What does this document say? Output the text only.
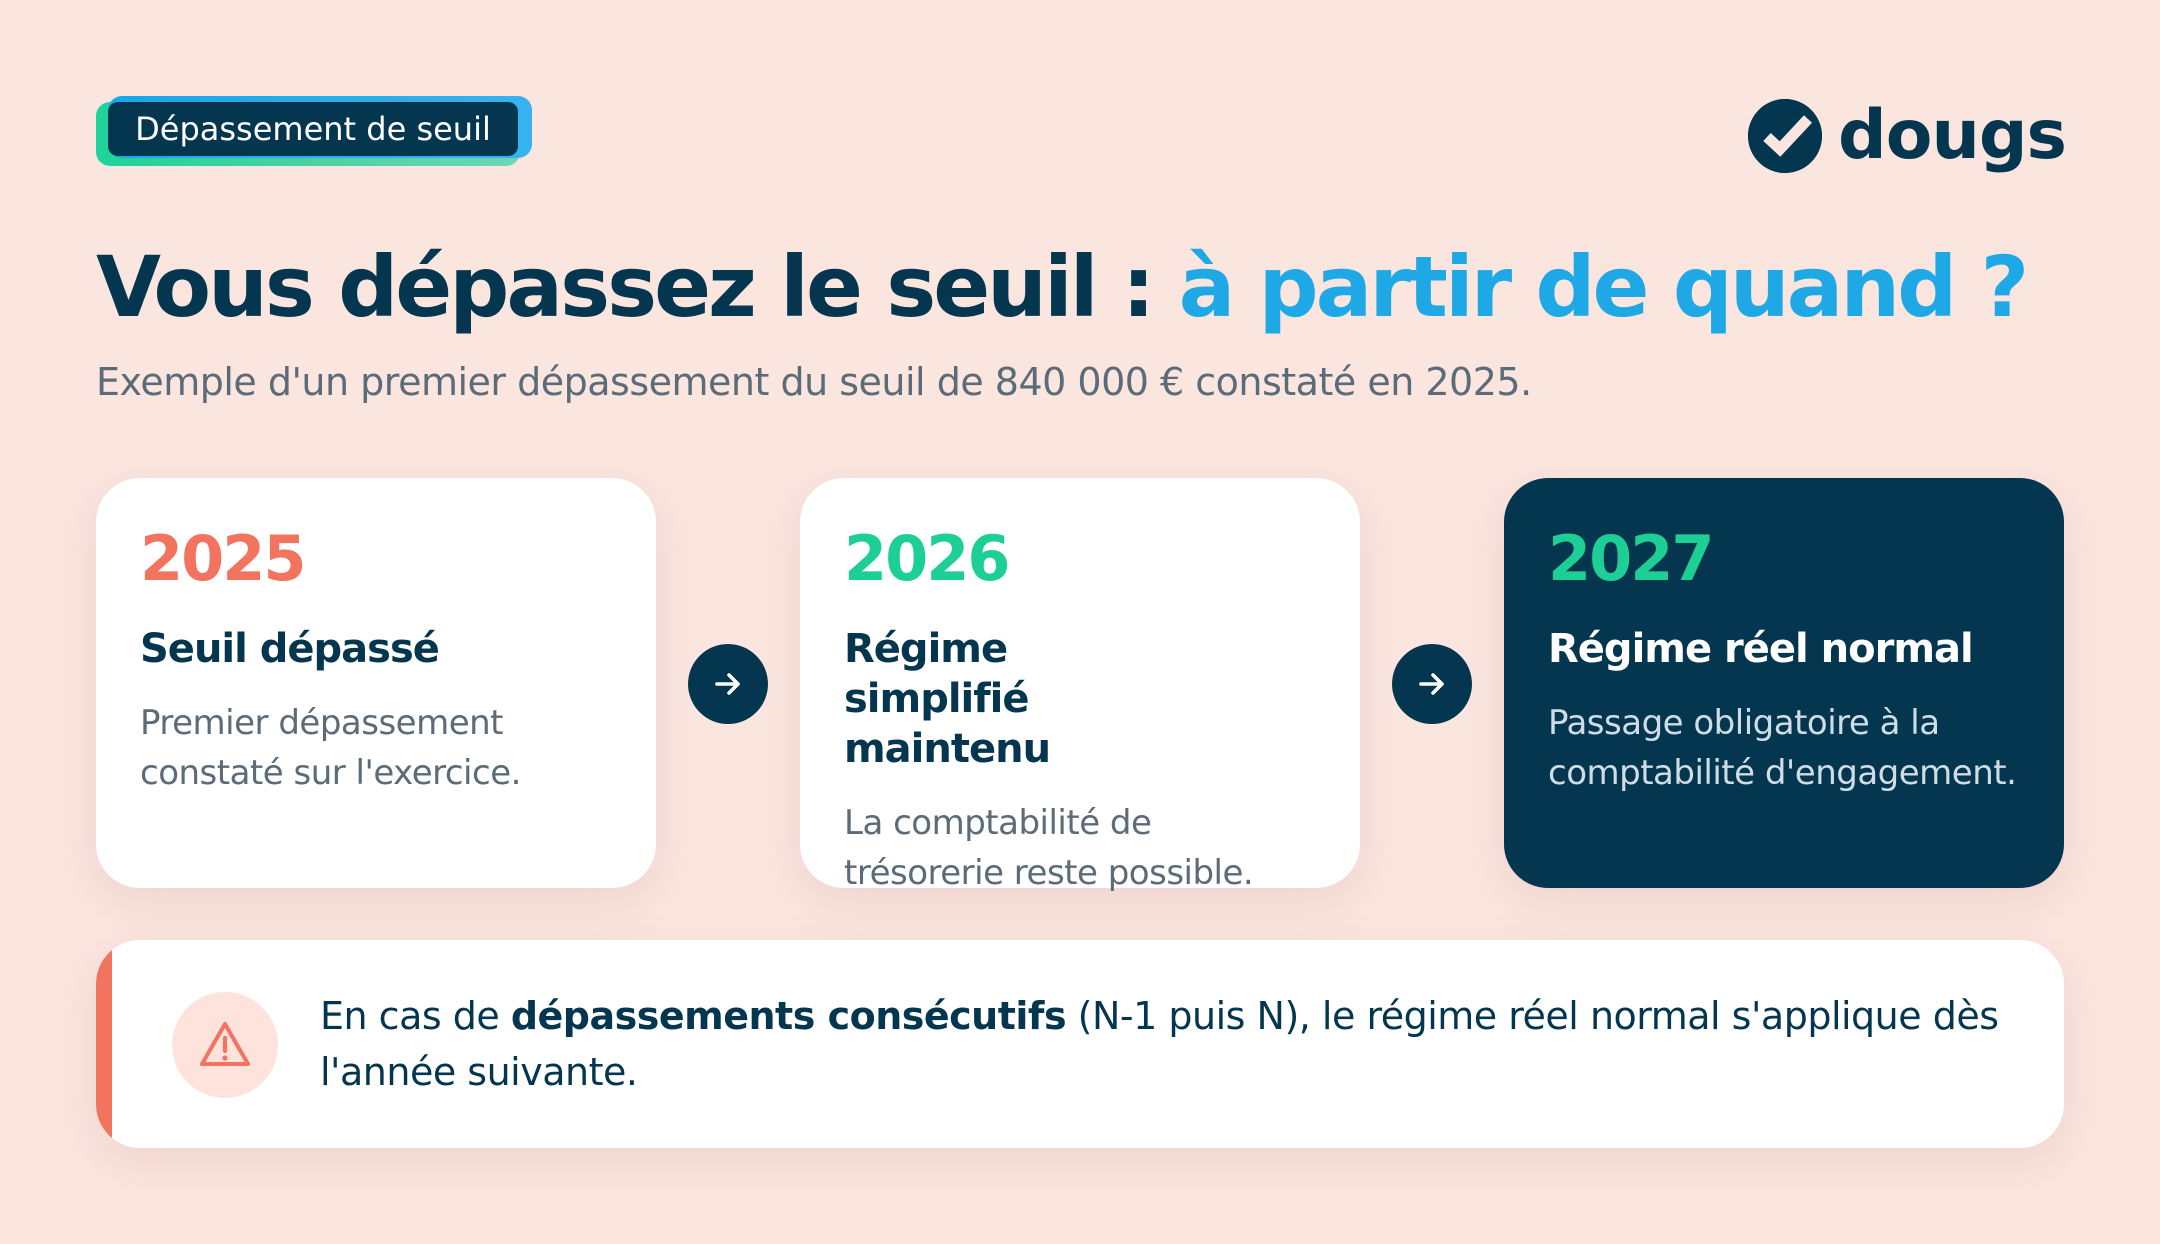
Dépassement de seuil	dougs
Vous dépassez le seuil : à partir de quand ?
Exemple d'un premier dépassement du seuil de 840 000 € constaté en 2025.
2025
Seuil dépassé
Premier dépassement constaté sur l'exercice.
2026
Régime simplifié maintenu
La comptabilité de trésorerie reste possible.
2027
Régime réel normal
Passage obligatoire à la comptabilité d'engagement.
En cas de dépassements consécutifs (N-1 puis N), le régime réel normal s'applique dès l'année suivante.
